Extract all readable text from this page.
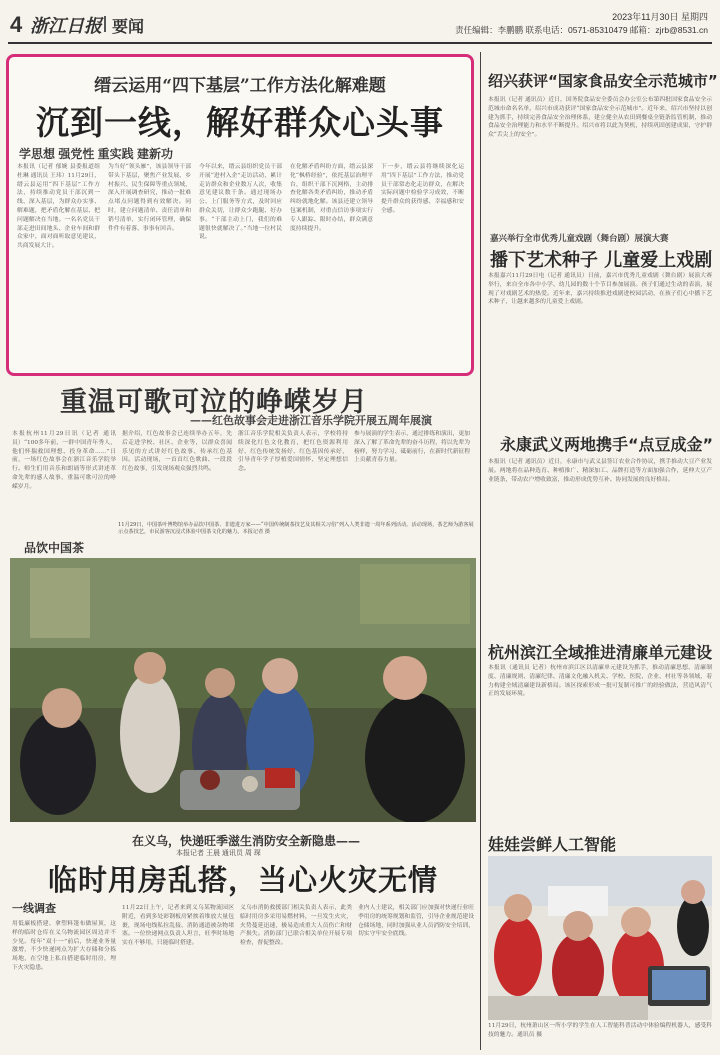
4 浙江日报 要闻
2023年11月30日 星期四
责任编辑：李鹏鹏 联系电话：0571-85310479 邮箱：zjrb@8531.cn
缙云运用“四下基层”工作方法化解难题
沉到一线，解好群众心头事
学思想 强党性 重实践 建新功
本报讯（记者 郁婉 县委报道组 杜琳 通讯员 王玮）11月29日，缙云县运用“四下基层”工作方法，持续推动党员干部沉到一线、深入基层，为群众办实事、解难题，把矛盾化解在基层、把问题解决在当地。一名名党员干部走进田间地头、企业车间和群众家中，面对面听取意见建议，共商发展大计。
为当好“领头雁”，该县领导干部带头下基层，聚焦产业发展、乡村振兴、民生保障等重点领域，深入开展调查研究，推动一批难点堵点问题得到有效解决。同时，建立问题清单、责任清单和销号清单，实行闭环管理，确保件件有着落、事事有回音。
今年以来，缙云县组织党员干部开展“进村入企”走访活动，累计走访群众和企业数万人次，收集意见建议数千条。通过现场办公、上门服务等方式，及时回应群众关切，让群众少跑腿、好办事。“干部主动上门，我们的难题很快就解决了。”当地一位村民说。
在化解矛盾纠纷方面，缙云县深化“枫桥经验”，依托基层治理平台，组织干部下沉网格，主动排查化解各类矛盾纠纷，推动矛盾纠纷就地化解。该县还建立领导包案机制，对重点信访事项实行专人跟踪、限时办结，群众满意度持续提升。
下一步，缙云县将继续深化运用“四下基层”工作方法，推动党员干部常态化走访群众，在解决实际问题中检验学习成效，不断提升群众的获得感、幸福感和安全感。
重温可歌可泣的峥嵘岁月
——红色故事会走进浙江音乐学院开展五周年展演
本报杭州11月29日讯（记者 通讯员）“100多年前，一群中国青年秀人，他们怀揣救国理想、投身革命……”日前，一场红色故事会在浙江音乐学院举行。师生们用音乐和朗诵等形式讲述革命先辈的感人故事，重温可歌可泣的峥嵘岁月。
据介绍，红色故事会已连续举办五年，先后走进学校、社区、企业等，以群众喜闻乐见的方式讲好红色故事、传承红色基因。活动现场，一首首红色歌曲、一段段红色故事，引发现场观众强烈共鸣。
浙江音乐学院相关负责人表示，学校将持续深化红色文化教育，把红色资源利用好、红色传统发扬好、红色基因传承好，引导青年学子厚植爱国情怀、坚定理想信念。
参与展演的学生表示，通过排练和演出，更加深入了解了革命先辈的奋斗历程，将以先辈为榜样，努力学习、砥砺前行，在新时代新征程上贡献青春力量。
11月29日，中国茶叶博物馆举办品饮中国茶、非遗进万家——“中国传统制茶技艺及其相关习俗”列入人类非遗一周年系列活动。活动现场，茶艺师为游客展示点茶技艺，市民游客沉浸式体验中国茶文化的魅力。本报记者 摄
品饮中国茶
在义乌，快递旺季滋生消防安全新隐患——
本报记者 王晨 通讯员 周 琛
临时用房乱搭，当心火灾无情
一线调查
用低廉板搭建、拿塑料篷布做屋顶，这样的临时仓库在义乌物流园区周边并不少见。每年“双十一”前后，快递业务量激增，不少快递网点为扩大存储和分拣场地，在空地上私自搭建临时用房，埋下火灾隐患。
11月22日上午，记者来到义乌某物流园区附近，看到多处彩钢板房紧挨着堆放大量包裹，现场电线私拉乱接、消防通道被杂物堵塞。一位快递网点负责人坦言，旺季时场地实在不够用，只能临时搭建。
义乌市消防救援部门相关负责人表示，此类临时用房多采用易燃材料，一旦发生火灾，火势蔓延迅速，极易造成重大人员伤亡和财产损失。消防部门已联合相关单位开展专项检查，督促整改。
业内人士建议，相关部门应加强对快递行业旺季用房的统筹规划和监管，引导企业规范建设仓储场地，同时加强从业人员消防安全培训，切实守牢安全底线。
绍兴获评“国家食品安全示范城市”
本报讯（记者 通讯员）近日，国务院食品安全委员会办公室公布第四批国家食品安全示范城市命名名单，绍兴市成功获评“国家食品安全示范城市”。近年来，绍兴市坚持以创建为抓手，持续完善食品安全治理体系，建立健全从农田到餐桌全链条监管机制，推动食品安全治理能力和水平不断提升。绍兴市将以此为契机，持续巩固创建成果，守护群众“舌尖上的安全”。
嘉兴举行全市优秀儿童戏剧（舞台剧）展演大赛
播下艺术种子 儿童爱上戏剧
本报嘉兴11月29日电（记者 通讯员）日前，嘉兴市优秀儿童戏剧（舞台剧）展演大赛举行，来自全市各中小学、幼儿园的数十个节目参加展演。孩子们通过生动的表演，展现了对戏剧艺术的热爱。近年来，嘉兴持续推进戏剧进校园活动，在孩子们心中播下艺术种子，让越来越多的儿童爱上戏剧。
永康武义两地携手“点豆成金”
本报讯（记者 通讯员）近日，永康市与武义县签订农业合作协议，携手推动大豆产业发展。两地将在品种选育、种植推广、精深加工、品牌打造等方面加强合作，延伸大豆产业链条，带动农户增收致富，推动形成优势互补、协同发展的良好格局。
杭州滨江全域推进清廉单元建设
本报讯（通讯员 记者）杭州市滨江区以清廉单元建设为抓手，推动清廉思想、清廉制度、清廉规则、清廉纪律、清廉文化融入机关、学校、医院、企业、村社等各领域，着力构建全域清廉建设新格局。该区探索形成一批可复制可推广的经验做法，营造风清气正的发展环境。
娃娃尝鲜人工智能
11月29日，杭州萧山区一所小学的学生在人工智能科普活动中体验编程机器人，感受科技的魅力。通讯员 摄
